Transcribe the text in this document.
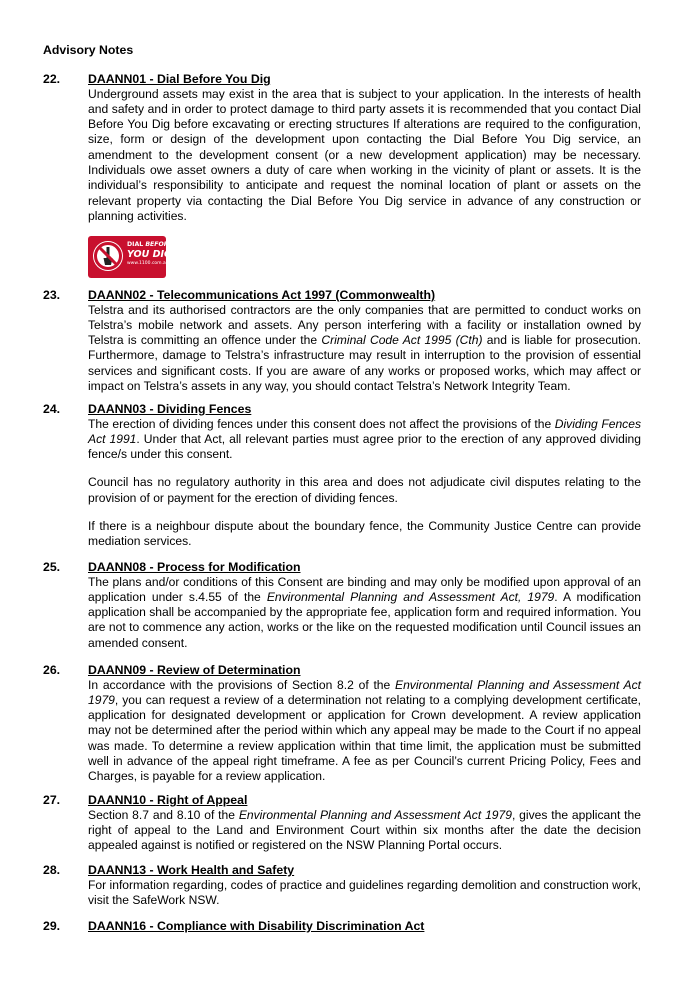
Advisory Notes
22. DAANN01 - Dial Before You Dig

Underground assets may exist in the area that is subject to your application. In the interests of health and safety and in order to protect damage to third party assets it is recommended that you contact Dial Before You Dig before excavating or erecting structures If alterations are required to the configuration, size, form or design of the development upon contacting the Dial Before You Dig service, an amendment to the development consent (or a new development application) may be necessary. Individuals owe asset owners a duty of care when working in the vicinity of plant or assets. It is the individual’s responsibility to anticipate and request the nominal location of plant or assets on the relevant property via contacting the Dial Before You Dig service in advance of any construction or planning activities.

DIAL BEFORE
YOU DIG
www.1100.com.au
23. DAANN02 - Telecommunications Act 1997 (Commonwealth)

Telstra and its authorised contractors are the only companies that are permitted to conduct works on Telstra’s mobile network and assets. Any person interfering with a facility or installation owned by Telstra is committing an offence under the Criminal Code Act 1995 (Cth) and is liable for prosecution. Furthermore, damage to Telstra’s infrastructure may result in interruption to the provision of essential services and significant costs. If you are aware of any works or proposed works, which may affect or impact on Telstra’s assets in any way, you should contact Telstra’s Network Integrity Team.

24. DAANN03 - Dividing Fences

The erection of dividing fences under this consent does not affect the provisions of the Dividing Fences Act 1991. Under that Act, all relevant parties must agree prior to the erection of any approved dividing fence/s under this consent.

Council has no regulatory authority in this area and does not adjudicate civil disputes relating to the provision of or payment for the erection of dividing fences.

If there is a neighbour dispute about the boundary fence, the Community Justice Centre can provide mediation services.

25. DAANN08 - Process for Modification

The plans and/or conditions of this Consent are binding and may only be modified upon approval of an application under s.4.55 of the Environmental Planning and Assessment Act, 1979. A modification application shall be accompanied by the appropriate fee, application form and required information. You are not to commence any action, works or the like on the requested modification until Council issues an amended consent.

26. DAANN09 - Review of Determination

In accordance with the provisions of Section 8.2 of the Environmental Planning and Assessment Act 1979, you can request a review of a determination not relating to a complying development certificate, application for designated development or application for Crown development. A review application may not be determined after the period within which any appeal may be made to the Court if no appeal was made. To determine a review application within that time limit, the application must be submitted well in advance of the appeal right timeframe. A fee as per Council’s current Pricing Policy, Fees and Charges, is payable for a review application.

27. DAANN10 - Right of Appeal

Section 8.7 and 8.10 of the Environmental Planning and Assessment Act 1979, gives the applicant the right of appeal to the Land and Environment Court within six months after the date the decision appealed against is notified or registered on the NSW Planning Portal occurs.

28. DAANN13 - Work Health and Safety

For information regarding, codes of practice and guidelines regarding demolition and construction work, visit the SafeWork NSW.

29. DAANN16 - Compliance with Disability Discrimination Act
